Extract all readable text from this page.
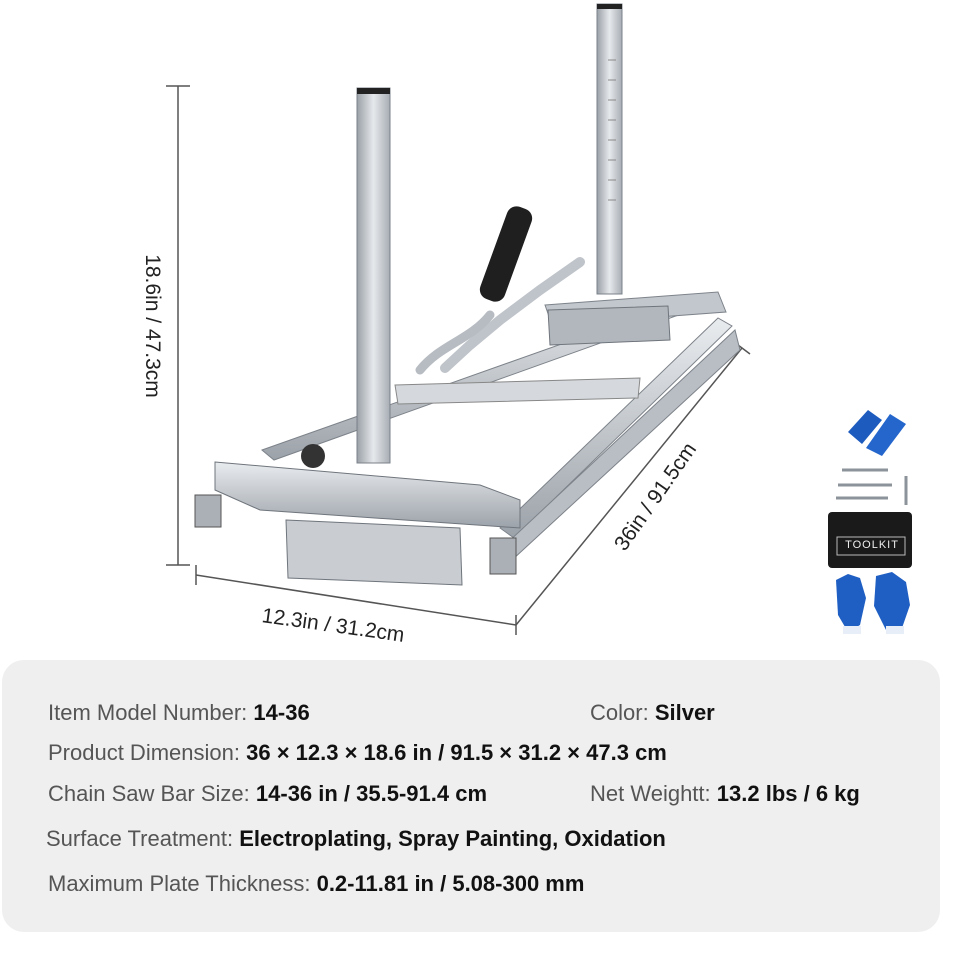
18.6in / 47.3cm
36in / 91.5cm
12.3in / 31.2cm
TOOLKIT
Item Model Number: 14-36	Color: Silver
Product Dimension: 36 × 12.3 × 18.6 in / 91.5 × 31.2 × 47.3 cm
Chain Saw Bar Size: 14-36 in / 35.5-91.4 cm	Net Weightt: 13.2 lbs / 6 kg
Surface Treatment: Electroplating, Spray Painting, Oxidation
Maximum Plate Thickness: 0.2-11.81 in / 5.08-300 mm
